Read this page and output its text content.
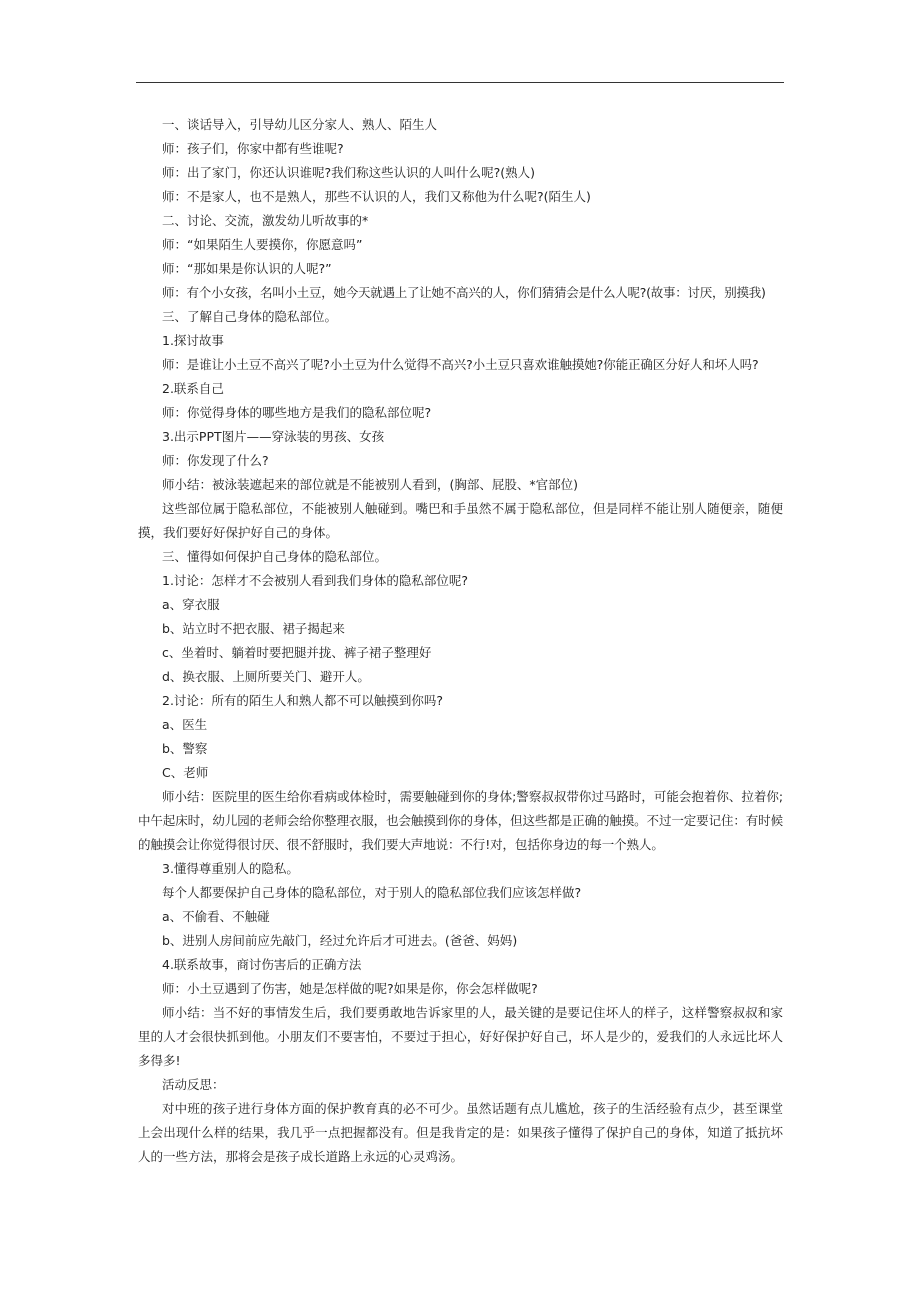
一、谈话导入，引导幼儿区分家人、熟人、陌生人

师：孩子们，你家中都有些谁呢?

师：出了家门，你还认识谁呢?我们称这些认识的人叫什么呢?(熟人)

师：不是家人，也不是熟人，那些不认识的人，我们又称他为什么呢?(陌生人)

二、讨论、交流，激发幼儿听故事的*

师：“如果陌生人要摸你，你愿意吗”

师：“那如果是你认识的人呢?”

师：有个小女孩，名叫小土豆，她今天就遇上了让她不高兴的人，你们猜猜会是什么人呢?(故事：讨厌，别摸我)

三、了解自己身体的隐私部位。

1.探讨故事

师：是谁让小土豆不高兴了呢?小土豆为什么觉得不高兴?小土豆只喜欢谁触摸她?你能正确区分好人和坏人吗?

2.联系自己

师：你觉得身体的哪些地方是我们的隐私部位呢?

3.出示PPT图片——穿泳装的男孩、女孩

师：你发现了什么?

师小结：被泳装遮起来的部位就是不能被别人看到，(胸部、屁股、*官部位)

这些部位属于隐私部位，不能被别人触碰到。嘴巴和手虽然不属于隐私部位，但是同样不能让别人随便亲，随便摸，我们要好好保护好自己的身体。

三、懂得如何保护自己身体的隐私部位。

1.讨论：怎样才不会被别人看到我们身体的隐私部位呢?

a、穿衣服

b、站立时不把衣服、裙子揭起来

c、坐着时、躺着时要把腿并拢、裤子裙子整理好

d、换衣服、上厕所要关门、避开人。

2.讨论：所有的陌生人和熟人都不可以触摸到你吗?

a、医生

b、警察

C、老师

师小结：医院里的医生给你看病或体检时，需要触碰到你的身体;警察叔叔带你过马路时，可能会抱着你、拉着你;中午起床时，幼儿园的老师会给你整理衣服，也会触摸到你的身体，但这些都是正确的触摸。不过一定要记住：有时候的触摸会让你觉得很讨厌、很不舒服时，我们要大声地说：不行!对，包括你身边的每一个熟人。

3.懂得尊重别人的隐私。

每个人都要保护自己身体的隐私部位，对于别人的隐私部位我们应该怎样做?

a、不偷看、不触碰

b、进别人房间前应先敲门，经过允许后才可进去。(爸爸、妈妈)

4.联系故事，商讨伤害后的正确方法

师：小土豆遇到了伤害，她是怎样做的呢?如果是你，你会怎样做呢?

师小结：当不好的事情发生后，我们要勇敢地告诉家里的人，最关键的是要记住坏人的样子，这样警察叔叔和家里的人才会很快抓到他。小朋友们不要害怕，不要过于担心，好好保护好自己，坏人是少的，爱我们的人永远比坏人多得多!

活动反思：

对中班的孩子进行身体方面的保护教育真的必不可少。虽然话题有点儿尴尬，孩子的生活经验有点少，甚至课堂上会出现什么样的结果，我几乎一点把握都没有。但是我肯定的是：如果孩子懂得了保护自己的身体，知道了抵抗坏人的一些方法，那将会是孩子成长道路上永远的心灵鸡汤。
